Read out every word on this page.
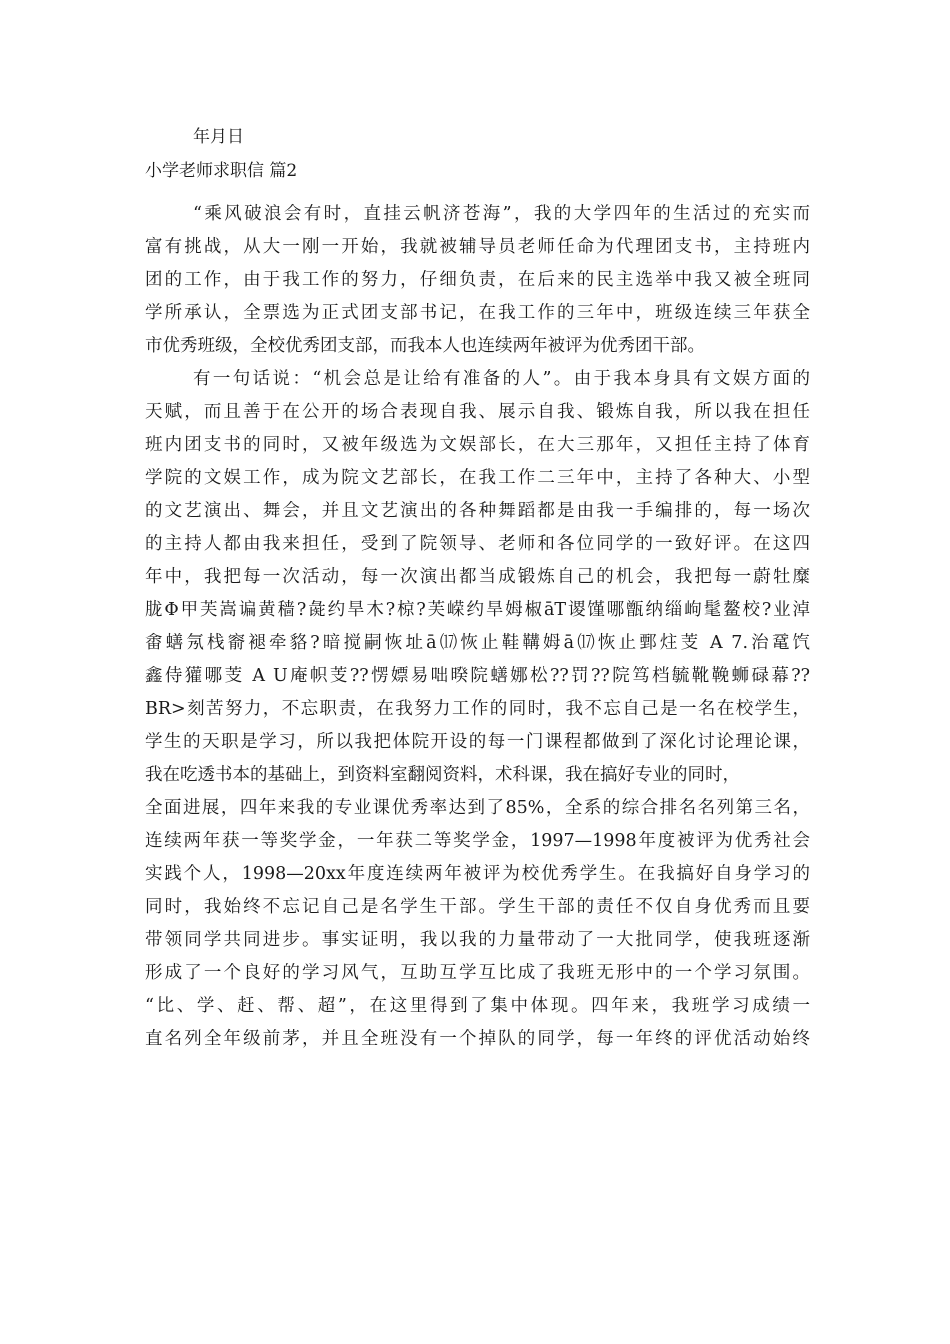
年月日
小学老师求职信 篇2
“乘风破浪会有时，直挂云帆济苍海”，我的大学四年的生活过的充实而
富有挑战，从大一刚一开始，我就被辅导员老师任命为代理团支书，主持班内
团的工作，由于我工作的努力，仔细负责，在后来的民主选举中我又被全班同
学所承认，全票选为正式团支部书记，在我工作的三年中，班级连续三年获全
市优秀班级，全校优秀团支部，而我本人也连续两年被评为优秀团干部。
有一句话说：“机会总是让给有准备的人”。由于我本身具有文娱方面的
天赋，而且善于在公开的场合表现自我、展示自我、锻炼自我，所以我在担任
班内团支书的同时，又被年级选为文娱部长，在大三那年，又担任主持了体育
学院的文娱工作，成为院文艺部长，在我工作二三年中，主持了各种大、小型
的文艺演出、舞会，并且文艺演出的各种舞蹈都是由我一手编排的，每一场次
的主持人都由我来担任，受到了院领导、老师和各位同学的一致好评。在这四
年中，我把每一次活动，每一次演出都当成锻炼自己的机会，我把每一蔚牡糜
胧Φ甲芙嵩谝黄穑?彘约旱木?椋?芙嵘约旱姆椒āT谡馑哪甑纳缁岣髦鳌校?业淖
畬蟮氖栈窬褪牵貉?暗搅嗣恢址ā⒄恢止鞋鞲姆ā⒄恢止鄄炷芰 A 7.治鼋饩
鑫侍獾哪芰 A U庵帜芰??愣嫖易咄暌院蟮娜松??罚??院笃档毓靴鞔蛳碌幕??
BR>刻苦努力，不忘职责，在我努力工作的同时，我不忘自己是一名在校学生，
学生的天职是学习，所以我把体院开设的每一门课程都做到了深化讨论理论课，
我在吃透书本的基础上，到资料室翻阅资料，术科课，我在搞好专业的同时，
全面进展，四年来我的专业课优秀率达到了85%，全系的综合排名名列第三名，
连续两年获一等奖学金，一年获二等奖学金，1997—1998年度被评为优秀社会
实践个人，1998—20xx年度连续两年被评为校优秀学生。在我搞好自身学习的
同时，我始终不忘记自己是名学生干部。学生干部的责任不仅自身优秀而且要
带领同学共同进步。事实证明，我以我的力量带动了一大批同学，使我班逐渐
形成了一个良好的学习风气，互助互学互比成了我班无形中的一个学习氛围。
“比、学、赶、帮、超”，在这里得到了集中体现。四年来，我班学习成绩一
直名列全年级前茅，并且全班没有一个掉队的同学，每一年终的评优活动始终
